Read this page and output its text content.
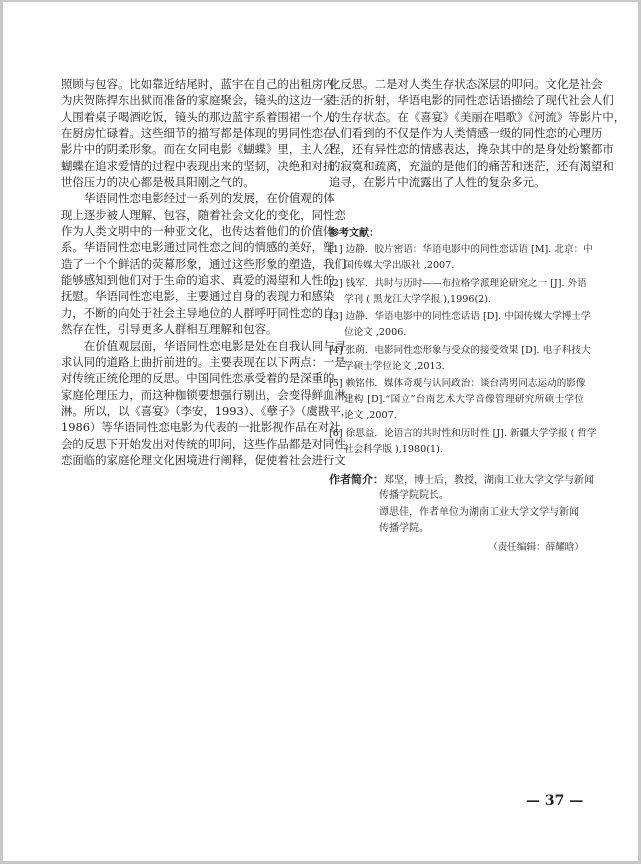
照顾与包容。比如靠近结尾时，蓝宇在自己的出租房内
为庆贺陈捍东出狱而准备的家庭聚会，镜头的这边一家
人围着桌子喝酒吃饭，镜头的那边蓝宇系着围裙一个人
在厨房忙碌着。这些细节的描写都是体现的男同性恋在
影片中的阴柔形象。而在女同电影《蝴蝶》里，主人公
蝴蝶在追求爱情的过程中表现出来的坚韧，决绝和对抗
世俗压力的决心都是极具阳刚之气的。
华语同性恋电影经过一系列的发展，在价值观的体
现上逐步被人理解、包容，随着社会文化的变化，同性恋
作为人类文明中的一种亚文化，也传达着他们的价值体
系。华语同性恋电影通过同性恋之间的情感的美好，塑
造了一个个鲜活的荧幕形象，通过这些形象的塑造，我们
能够感知到他们对于生命的追求、真爱的渴望和人性的
抚慰。华语同性恋电影，主要通过自身的表现力和感染
力，不断的向处于社会主导地位的人群呼吁同性恋的自
然存在性，引导更多人群相互理解和包容。
在价值观层面，华语同性恋电影是处在自我认同与寻
求认同的道路上曲折前进的。主要表现在以下两点：一是
对传统正统伦理的反思。中国同性恋承受着的是深重的
家庭伦理压力，而这种枷锁要想强行剔出，会变得鲜血淋
淋。所以，以《喜宴》（李安，1993）、《孽子》（虞戡平，
1986）等华语同性恋电影为代表的一批影视作品在对社
会的反思下开始发出对传统的叩问，这些作品都是对同性
恋面临的家庭伦理文化困境进行阐释，促使着社会进行文
化反思。二是对人类生存状态深层的叩问。文化是社会
生活的折射，华语电影的同性恋话语描绘了现代社会人们
的生存状态。在《喜宴》《美丽在唱歌》《河流》等影片中，
人们看到的不仅是作为人类情感一级的同性恋的心理历
程，还有异性恋的情感表达，搀杂其中的是身处纷繁都市
的寂寞和疏离，充溢的是他们的痛苦和迷茫，还有渴望和
追寻，在影片中流露出了人性的复杂多元。
参考文献：
[1] 边静．胶片密语：华语电影中的同性恋话语 [M]. 北京：中
国传媒大学出版社 ,2007.
[2] 钱军．共时与历时——布拉格学派理论研究之一 [J]. 外语
学刊 ( 黑龙江大学学报 ),1996(2).
[3] 边静．华语电影中的同性恋话语 [D]. 中国传媒大学博士学
位论文 ,2006.
[4] 张萌．电影同性恋形象与受众的接受效果 [D]. 电子科技大
学硕士学位论文 ,2013.
[5] 赖铭伟．媒体奇观与认同政治：谈台湾男同志运动的影像
建构 [D].“国立”台南艺术大学音像管理研究所硕士学位
论文 ,2007.
[6] 徐思益．论语言的共时性和历时性 [J]. 新疆大学学报 ( 哲学
社会科学版 ),1980(1).
作者简介：郑坚，博士后，教授，湖南工业大学文学与新闻
传播学院院长。
谭思佳，作者单位为湖南工业大学文学与新闻
传播学院。
（责任编辑：薛耀晗）
— 37 —
